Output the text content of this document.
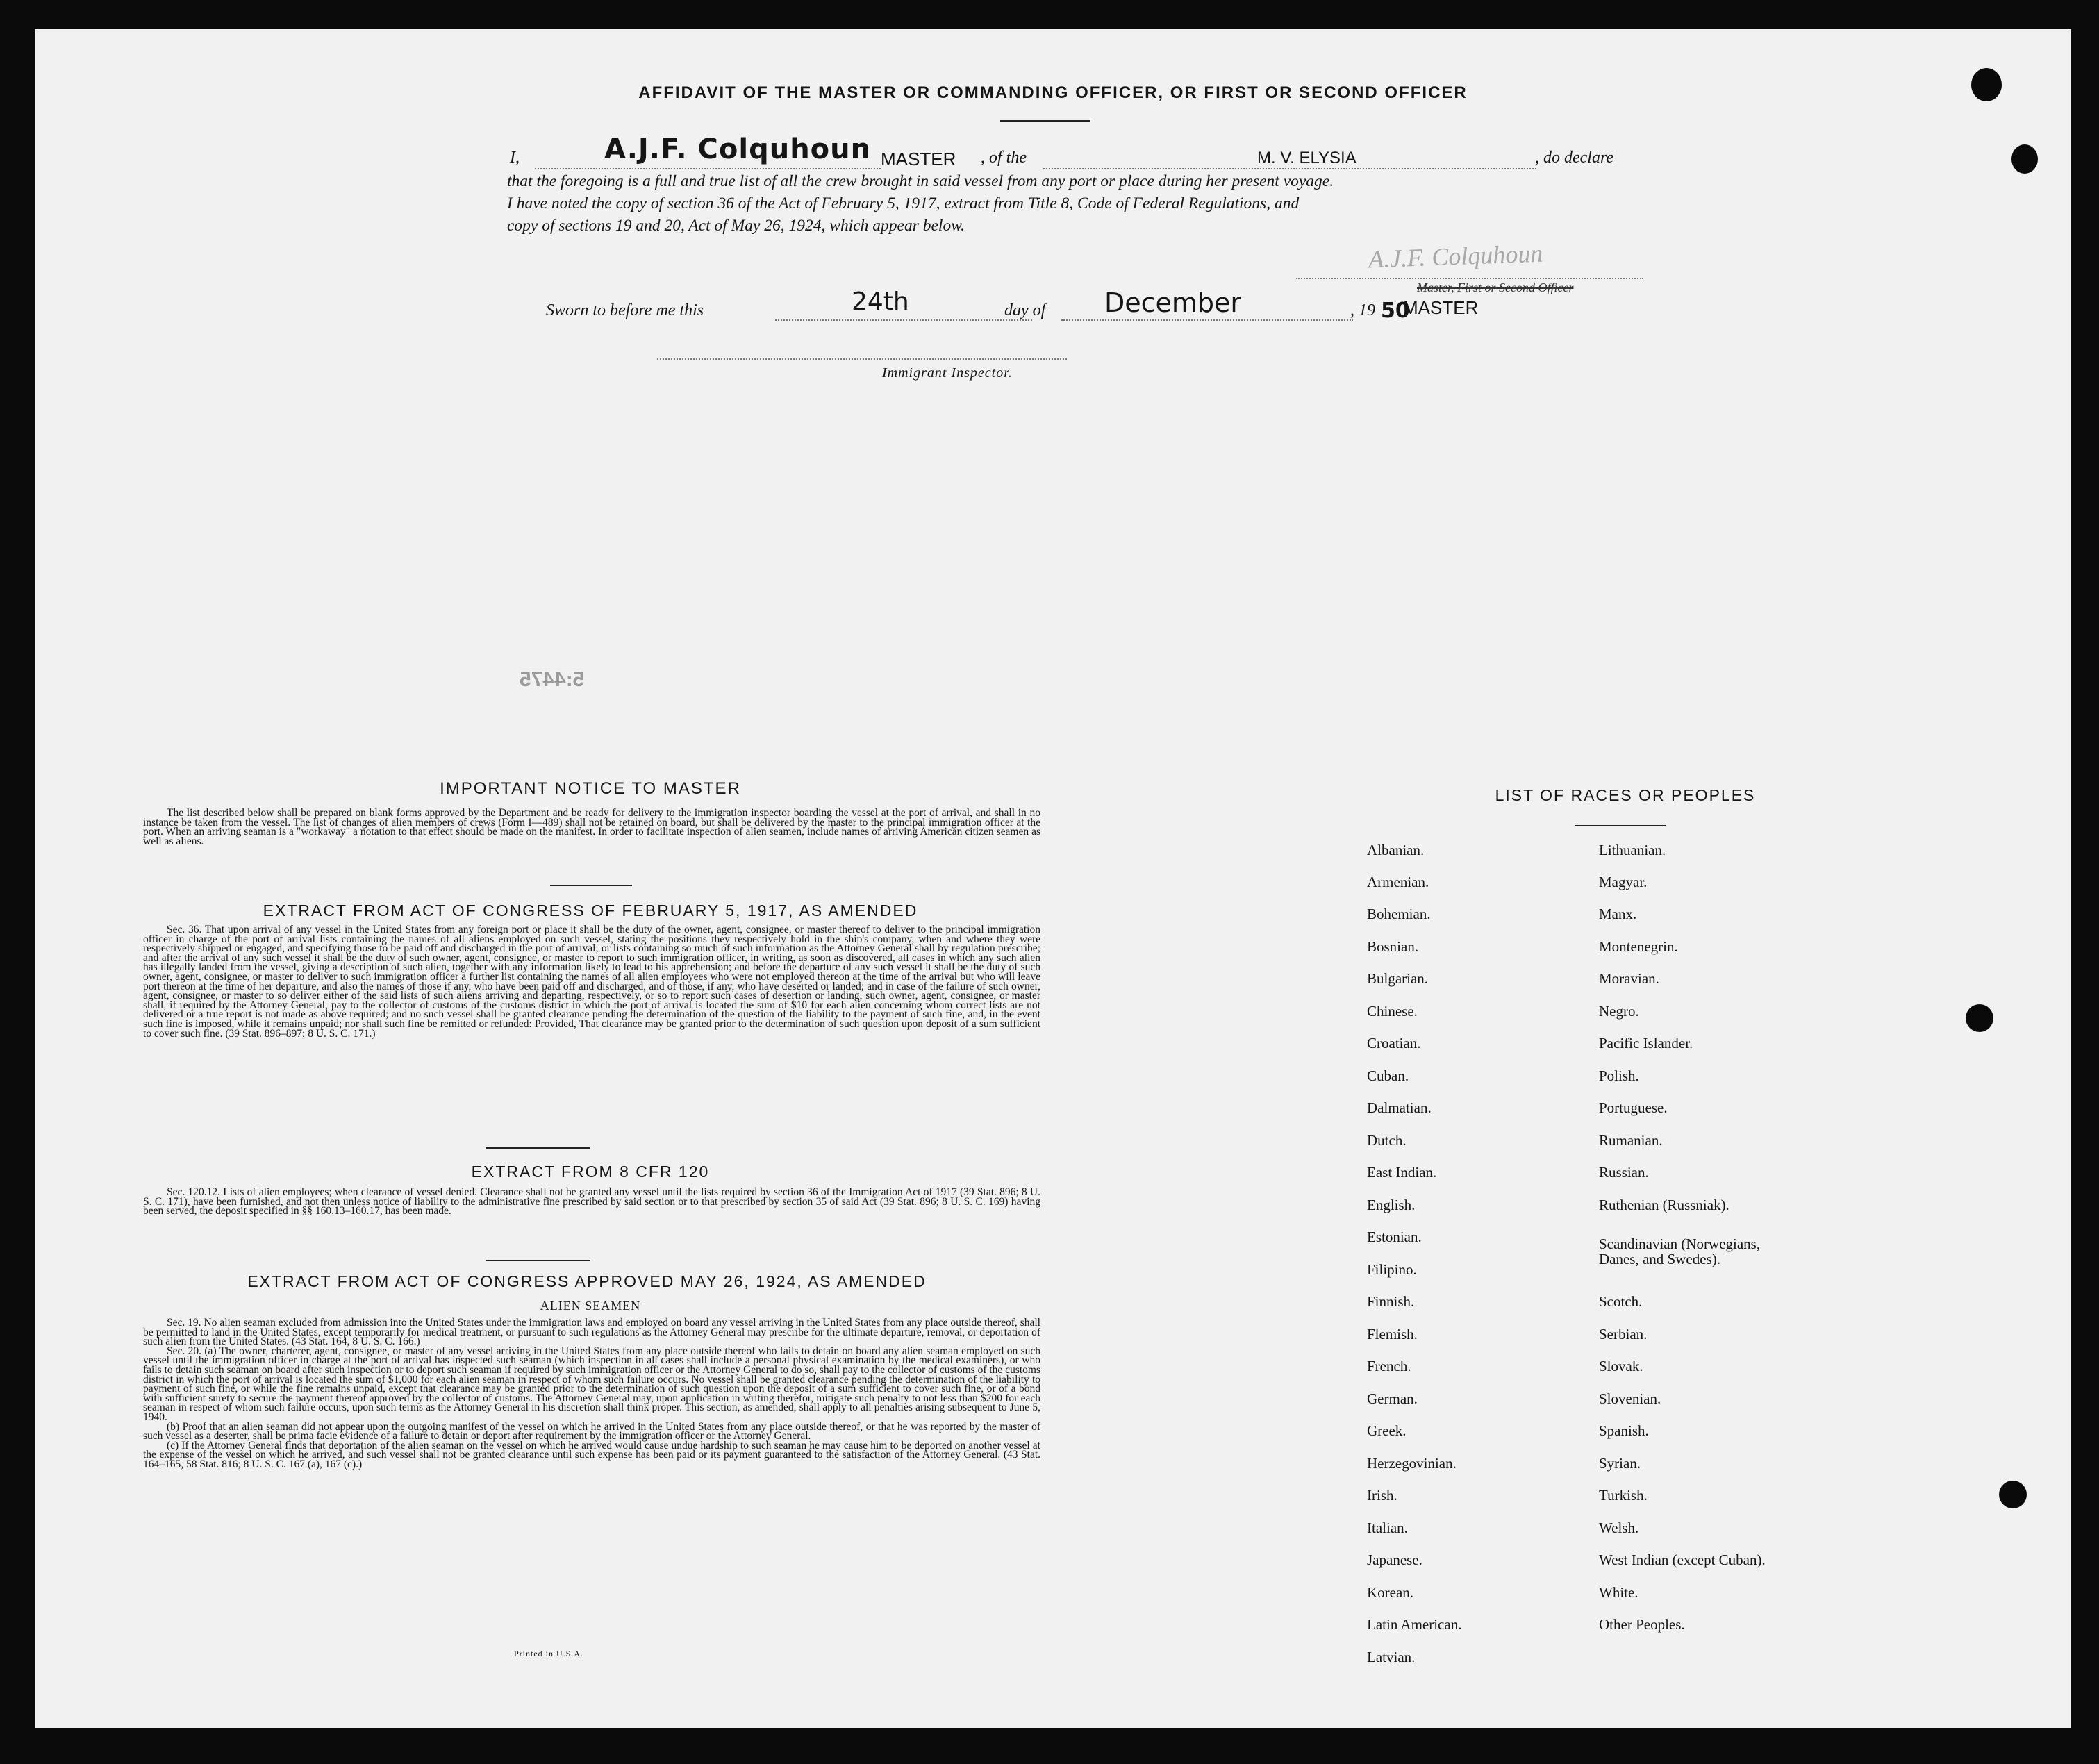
AFFIDAVIT OF THE MASTER OR COMMANDING OFFICER, OR FIRST OR SECOND OFFICER
I,	A.J.F. Colquhoun MASTER , of the	M. V. ELYSIA	, do declare
that the foregoing is a full and true list of all the crew brought in said vessel from any port or place during her present voyage.
I have noted the copy of section 36 of the Act of February 5, 1917, extract from Title 8, Code of Federal Regulations, and
copy of sections 19 and 20, Act of May 26, 1924, which appear below.
A.J.F. Colquhoun
Master, First or Second Officer
Sworn to before me this	24th	day of December	, 19 50
MASTER
Immigrant Inspector.
5:4475
IMPORTANT NOTICE TO MASTER

The list described below shall be prepared on blank forms approved by the Department and be ready for delivery to the immigration inspector boarding the vessel at the port of arrival, and shall in no instance be taken from the vessel. The list of changes of alien members of crews (Form I—489) shall not be retained on board, but shall be delivered by the master to the principal immigration officer at the port. When an arriving seaman is a "workaway" a notation to that effect should be made on the manifest. In order to facilitate inspection of alien seamen, include names of arriving American citizen seamen as well as aliens.

EXTRACT FROM ACT OF CONGRESS OF FEBRUARY 5, 1917, AS AMENDED

Sec. 36. That upon arrival of any vessel in the United States from any foreign port or place it shall be the duty of the owner, agent, consignee, or master thereof to deliver to the principal immigration officer in charge of the port of arrival lists containing the names of all aliens employed on such vessel, stating the positions they respectively hold in the ship's company, when and where they were respectively shipped or engaged, and specifying those to be paid off and discharged in the port of arrival; or lists containing so much of such information as the Attorney General shall by regulation prescribe; and after the arrival of any such vessel it shall be the duty of such owner, agent, consignee, or master to report to such immigration officer, in writing, as soon as discovered, all cases in which any such alien has illegally landed from the vessel, giving a description of such alien, together with any information likely to lead to his apprehension; and before the departure of any such vessel it shall be the duty of such owner, agent, consignee, or master to deliver to such immigration officer a further list containing the names of all alien employees who were not employed thereon at the time of the arrival but who will leave port thereon at the time of her departure, and also the names of those if any, who have been paid off and discharged, and of those, if any, who have deserted or landed; and in case of the failure of such owner, agent, consignee, or master to so deliver either of the said lists of such aliens arriving and departing, respectively, or so to report such cases of desertion or landing, such owner, agent, consignee, or master shall, if required by the Attorney General, pay to the collector of customs of the customs district in which the port of arrival is located the sum of $10 for each alien concerning whom correct lists are not delivered or a true report is not made as above required; and no such vessel shall be granted clearance pending the determination of the question of the liability to the payment of such fine, and, in the event such fine is imposed, while it remains unpaid; nor shall such fine be remitted or refunded: Provided, That clearance may be granted prior to the determination of such question upon deposit of a sum sufficient to cover such fine. (39 Stat. 896–897; 8 U. S. C. 171.)

EXTRACT FROM 8 CFR 120

Sec. 120.12. Lists of alien employees; when clearance of vessel denied. Clearance shall not be granted any vessel until the lists required by section 36 of the Immigration Act of 1917 (39 Stat. 896; 8 U. S. C. 171), have been furnished, and not then unless notice of liability to the administrative fine prescribed by said section or to that prescribed by section 35 of said Act (39 Stat. 896; 8 U. S. C. 169) having been served, the deposit specified in §§ 160.13–160.17, has been made.

EXTRACT FROM ACT OF CONGRESS APPROVED MAY 26, 1924, AS AMENDED
ALIEN SEAMEN

Sec. 19. No alien seaman excluded from admission into the United States under the immigration laws and employed on board any vessel arriving in the United States from any place outside thereof, shall be permitted to land in the United States, except temporarily for medical treatment, or pursuant to such regulations as the Attorney General may prescribe for the ultimate departure, removal, or deportation of such alien from the United States. (43 Stat. 164, 8 U. S. C. 166.)

Sec. 20. (a) The owner, charterer, agent, consignee, or master of any vessel arriving in the United States from any place outside thereof who fails to detain on board any alien seaman employed on such vessel until the immigration officer in charge at the port of arrival has inspected such seaman (which inspection in all cases shall include a personal physical examination by the medical examiners), or who fails to detain such seaman on board after such inspection or to deport such seaman if required by such immigration officer or the Attorney General to do so, shall pay to the collector of customs of the customs district in which the port of arrival is located the sum of $1,000 for each alien seaman in respect of whom such failure occurs. No vessel shall be granted clearance pending the determination of the liability to payment of such fine, or while the fine remains unpaid, except that clearance may be granted prior to the determination of such question upon the deposit of a sum sufficient to cover such fine, or of a bond with sufficient surety to secure the payment thereof approved by the collector of customs. The Attorney General may, upon application in writing therefor, mitigate such penalty to not less than $200 for each seaman in respect of whom such failure occurs, upon such terms as the Attorney General in his discretion shall think proper. This section, as amended, shall apply to all penalties arising subsequent to June 5, 1940.

(b) Proof that an alien seaman did not appear upon the outgoing manifest of the vessel on which he arrived in the United States from any place outside thereof, or that he was reported by the master of such vessel as a deserter, shall be prima facie evidence of a failure to detain or deport after requirement by the immigration officer or the Attorney General.

(c) If the Attorney General finds that deportation of the alien seaman on the vessel on which he arrived would cause undue hardship to such seaman he may cause him to be deported on another vessel at the expense of the vessel on which he arrived, and such vessel shall not be granted clearance until such expense has been paid or its payment guaranteed to the satisfaction of the Attorney General. (43 Stat. 164–165, 58 Stat. 816; 8 U. S. C. 167 (a), 167 (c).)

Printed in U.S.A.
LIST OF RACES OR PEOPLES
Albanian.
Armenian.
Bohemian.
Bosnian.
Bulgarian.
Chinese.
Croatian.
Cuban.
Dalmatian.
Dutch.
East Indian.
English.
Estonian.
Filipino.
Finnish.
Flemish.
French.
German.
Greek.
Herzegovinian.
Irish.
Italian.
Japanese.
Korean.
Latin American.
Latvian.
Lithuanian.
Magyar.
Manx.
Montenegrin.
Moravian.
Negro.
Pacific Islander.
Polish.
Portuguese.
Rumanian.
Russian.
Ruthenian (Russniak).
Scandinavian (Norwegians, Danes, and Swedes).
Scotch.
Serbian.
Slovak.
Slovenian.
Spanish.
Syrian.
Turkish.
Welsh.
West Indian (except Cuban).
White.
Other Peoples.
